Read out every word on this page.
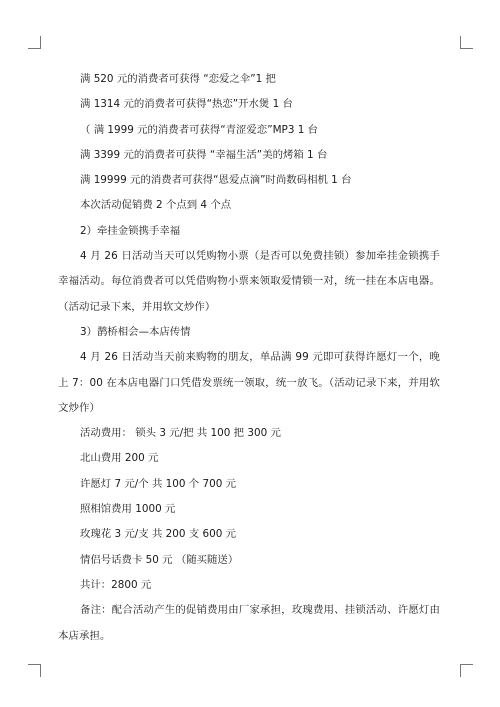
满 520 元的消费者可获得 “恋爱之伞”1 把
满 1314 元的消费者可获得“热恋”开水煲 1 台
（ 满 1999 元的消费者可获得“青涩爱恋”MP3 1 台
满 3399 元的消费者可获得 “幸福生活”美的烤箱 1 台
满 19999 元的消费者可获得“恩爱点滴”时尚数码相机 1 台
本次活动促销费 2 个点到 4 个点
2）牵挂金锁携手幸福
4 月 26 日活动当天可以凭购物小票（是否可以免费挂锁）参加牵挂金锁携手幸福活动。每位消费者可以凭借购物小票来领取爱情锁一对，统一挂在本店电器。（活动记录下来，并用软文炒作）
3）鹊桥相会—本店传情
4 月 26 日活动当天前来购物的朋友，单品满 99 元即可获得许愿灯一个，晚上 7：00 在本店电器门口凭借发票统一领取，统一放飞。（活动记录下来，并用软文炒作）
活动费用： 锁头 3 元/把 共 100 把 300 元
北山费用 200 元
许愿灯 7 元/个 共 100 个 700 元
照相馆费用 1000 元
玫瑰花 3 元/支 共 200 支 600 元
情侣号话费卡 50 元 （随买随送）
共计：2800 元
备注：配合活动产生的促销费用由厂家承担，玫瑰费用、挂锁活动、许愿灯由本店承担。
